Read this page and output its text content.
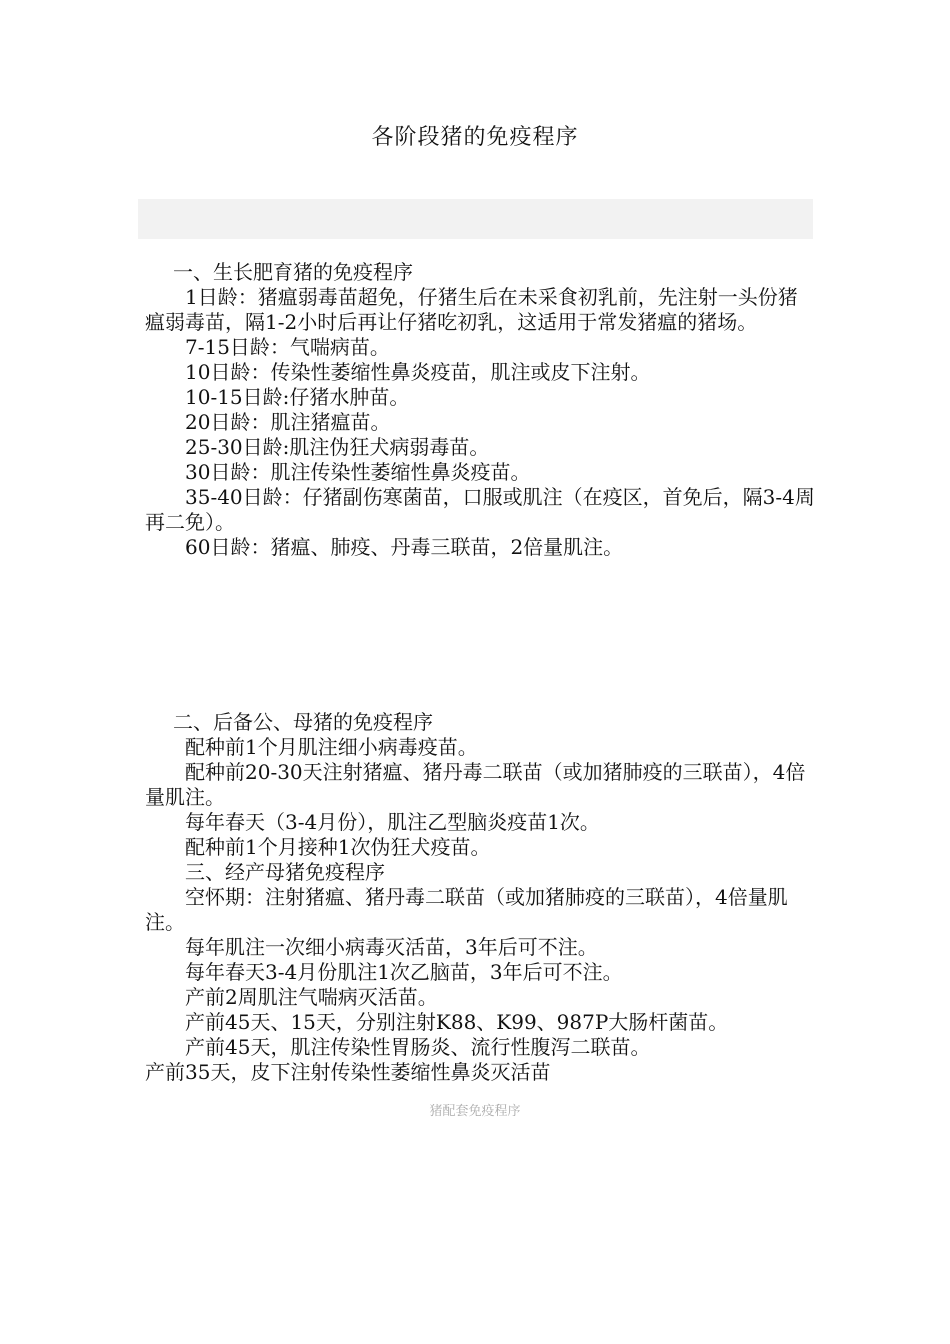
各阶段猪的免疫程序

一、生长肥育猪的免疫程序

1日龄：猪瘟弱毒苗超免，仔猪生后在未采食初乳前，先注射一头份猪瘟弱毒苗，隔1-2小时后再让仔猪吃初乳，这适用于常发猪瘟的猪场。

7-15日龄：气喘病苗。

10日龄：传染性萎缩性鼻炎疫苗，肌注或皮下注射。

10-15日龄:仔猪水肿苗。

20日龄：肌注猪瘟苗。

25-30日龄:肌注伪狂犬病弱毒苗。

30日龄：肌注传染性萎缩性鼻炎疫苗。

35-40日龄：仔猪副伤寒菌苗，口服或肌注（在疫区，首免后，隔3-4周再二免）。

60日龄：猪瘟、肺疫、丹毒三联苗，2倍量肌注。

二、后备公、母猪的免疫程序

配种前1个月肌注细小病毒疫苗。

配种前20-30天注射猪瘟、猪丹毒二联苗（或加猪肺疫的三联苗），4倍量肌注。

每年春天（3-4月份），肌注乙型脑炎疫苗1次。

配种前1个月接种1次伪狂犬疫苗。

三、经产母猪免疫程序

空怀期：注射猪瘟、猪丹毒二联苗（或加猪肺疫的三联苗），4倍量肌注。

每年肌注一次细小病毒灭活苗，3年后可不注。

每年春天3-4月份肌注1次乙脑苗，3年后可不注。

产前2周肌注气喘病灭活苗。

产前45天、15天，分别注射K88、K99、987P大肠杆菌苗。

产前45天，肌注传染性胃肠炎、流行性腹泻二联苗。

产前35天，皮下注射传染性萎缩性鼻炎灭活苗

猪配套免疫程序
